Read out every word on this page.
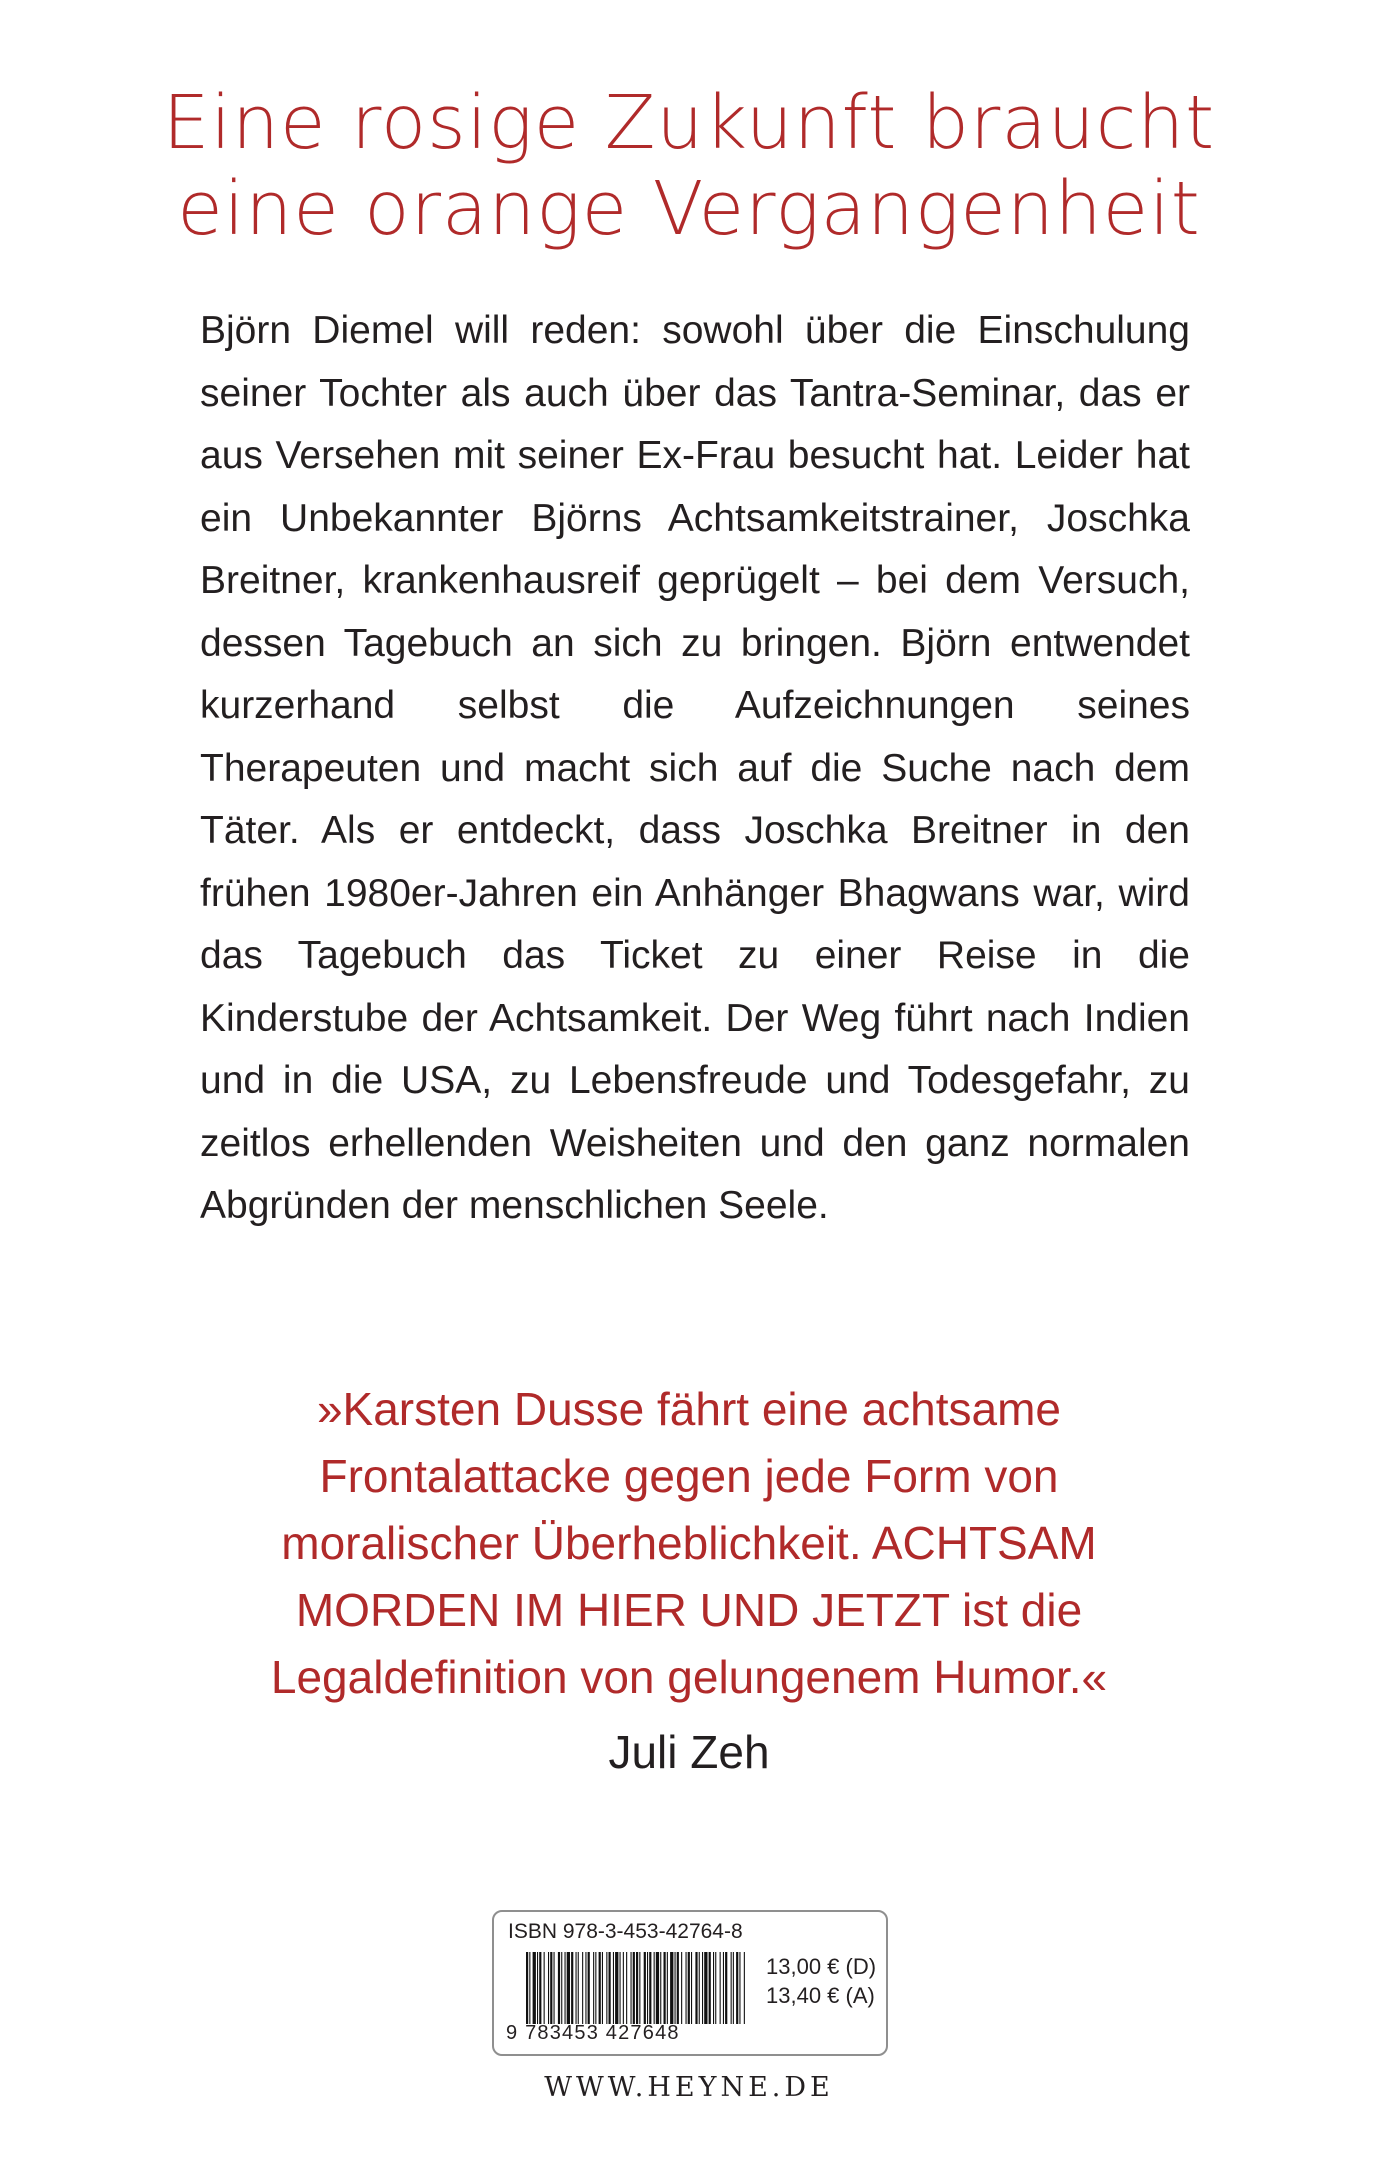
Eine rosige Zukunft braucht
eine orange Vergangenheit
Björn Diemel will reden: sowohl über die Einschulung seiner Tochter als auch über das Tantra-Seminar, das er aus Versehen mit seiner Ex-Frau besucht hat. Leider hat ein Unbekannter Björns Achtsamkeitstrainer, Joschka Breitner, krankenhausreif geprügelt – bei dem Versuch, dessen Tagebuch an sich zu bringen. Björn entwendet kurzerhand selbst die Aufzeichnungen seines Therapeuten und macht sich auf die Suche nach dem Täter. Als er entdeckt, dass Joschka Breitner in den frühen 1980er-Jahren ein Anhänger Bhagwans war, wird das Tagebuch das Ticket zu einer Reise in die Kinderstube der Achtsamkeit. Der Weg führt nach Indien und in die USA, zu Lebensfreude und Todesgefahr, zu zeitlos erhellenden Weisheiten und den ganz normalen Abgründen der menschlichen Seele.
»Karsten Dusse fährt eine achtsame
Frontalattacke gegen jede Form von
moralischer Überheblichkeit. ACHTSAM
MORDEN IM HIER UND JETZT ist die
Legaldefinition von gelungenem Humor.«
Juli Zeh
ISBN 978-3-453-42764-8
9 783453 427648
13,00 € (D)
13,40 € (A)
WWW.HEYNE.DE
